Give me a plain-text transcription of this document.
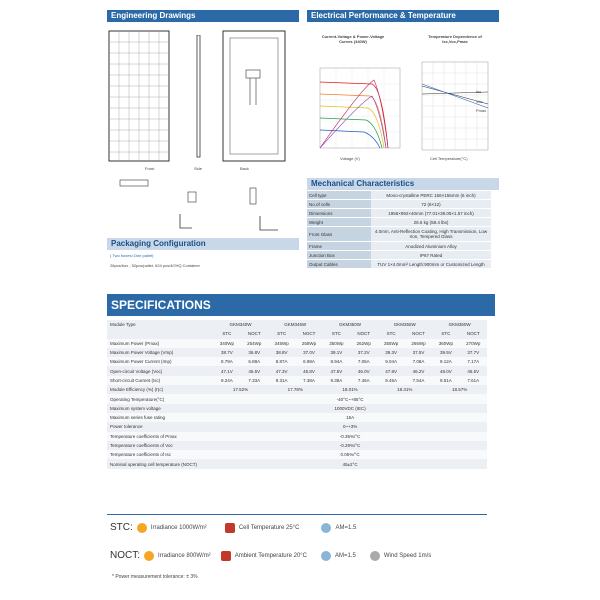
Engineering Drawings
Front	Side	Back
Packaging Configuration
( Two boxes=One pallet)
26pcs/box , 52pcs/pallet, 624 pcs/40'HQ Container
Electrical Performance & Temperature Dependence
Current-Voltage & Power-Voltage Curves (340W)
Temperature Dependence of Isc,Voc,Pmax
Voltage (V)
Isc
Voc
Pmax
Cell Temperature(°C)
Mechanical Characteristics
Cell type	Mono-crystalline PERC 156×156mm (6 inch)
No.of cells	72 (6×12)
Dimensions	1956×992×40mm (77.01×39.05×1.57 inch)
Weight	26.5 kg (58.4 lbs)
Front Glass	4.0mm, Anti-Reflection Coating, High Transmission, Low Iron, Tempered Glass
Frame	Anodized Aluminium Alloy
Junction Box	IP67 Rated
Output Cables	TUV 1×4.0mm² Length:900mm or Customized Length
SPECIFICATIONS
Module Type	GKM340W		GKM345W		GKM350W		GKM355W		GKM360W	
	STC	NOCT	STC	NOCT	STC	NOCT	STC	NOCT	STC	NOCT
Maximum Power (Pmax)	340Wp	254Wp	345Wp	258Wp	350Wp	262Wp	355Wp	266Wp	360Wp	270Wp
Maximum Power Voltage (Vmp)	38.7V	36.8V	38.8V	37.0V	39.1V	37.2V	39.3V	37.5V	39.5V	37.7V
Maximum Power Current (Imp)	8.79A	6.88A	8.87A	6.98A	8.94A	7.05A	9.04A	7.08A	9.12A	7.17A
Open-circuit Voltage (Voc)	47.1V	45.5V	47.3V	45.8V	47.5V	46.0V	47.8V	46.2V	48.0V	46.5V
Short-circuit Current (Isc)	9.24A	7.33A	9.31A	7.38A	9.38A	7.46A	9.45A	7.54A	9.51A	7.61A
Module Efficiency (%) (Ƞc)	17.52%		17.78%		18.01%		18.31%		18.57%	
Operating Temperature(°C)	-40°C~+85°C									
Maximum system voltage	1000VDC (IEC)									
Maximum series fuse rating	15A									
Power tolerance	0~+3%									
Temperature coefficients of Pmax	-0.35%/°C									
Temperature coefficients of Voc	-0.29%/°C									
Temperature coefficients of Isc	0.05%/°C									
Nominal operating cell temperature (NOCT)	45±2°C									
STC:	Irradiance 1000W/m²	Cell Temperature 25°C	AM=1.5
NOCT:	Irradiance 800W/m²	Ambient Temperature 20°C	AM=1.5	Wind Speed 1m/s
* Power measurement tolerance: ± 3%
